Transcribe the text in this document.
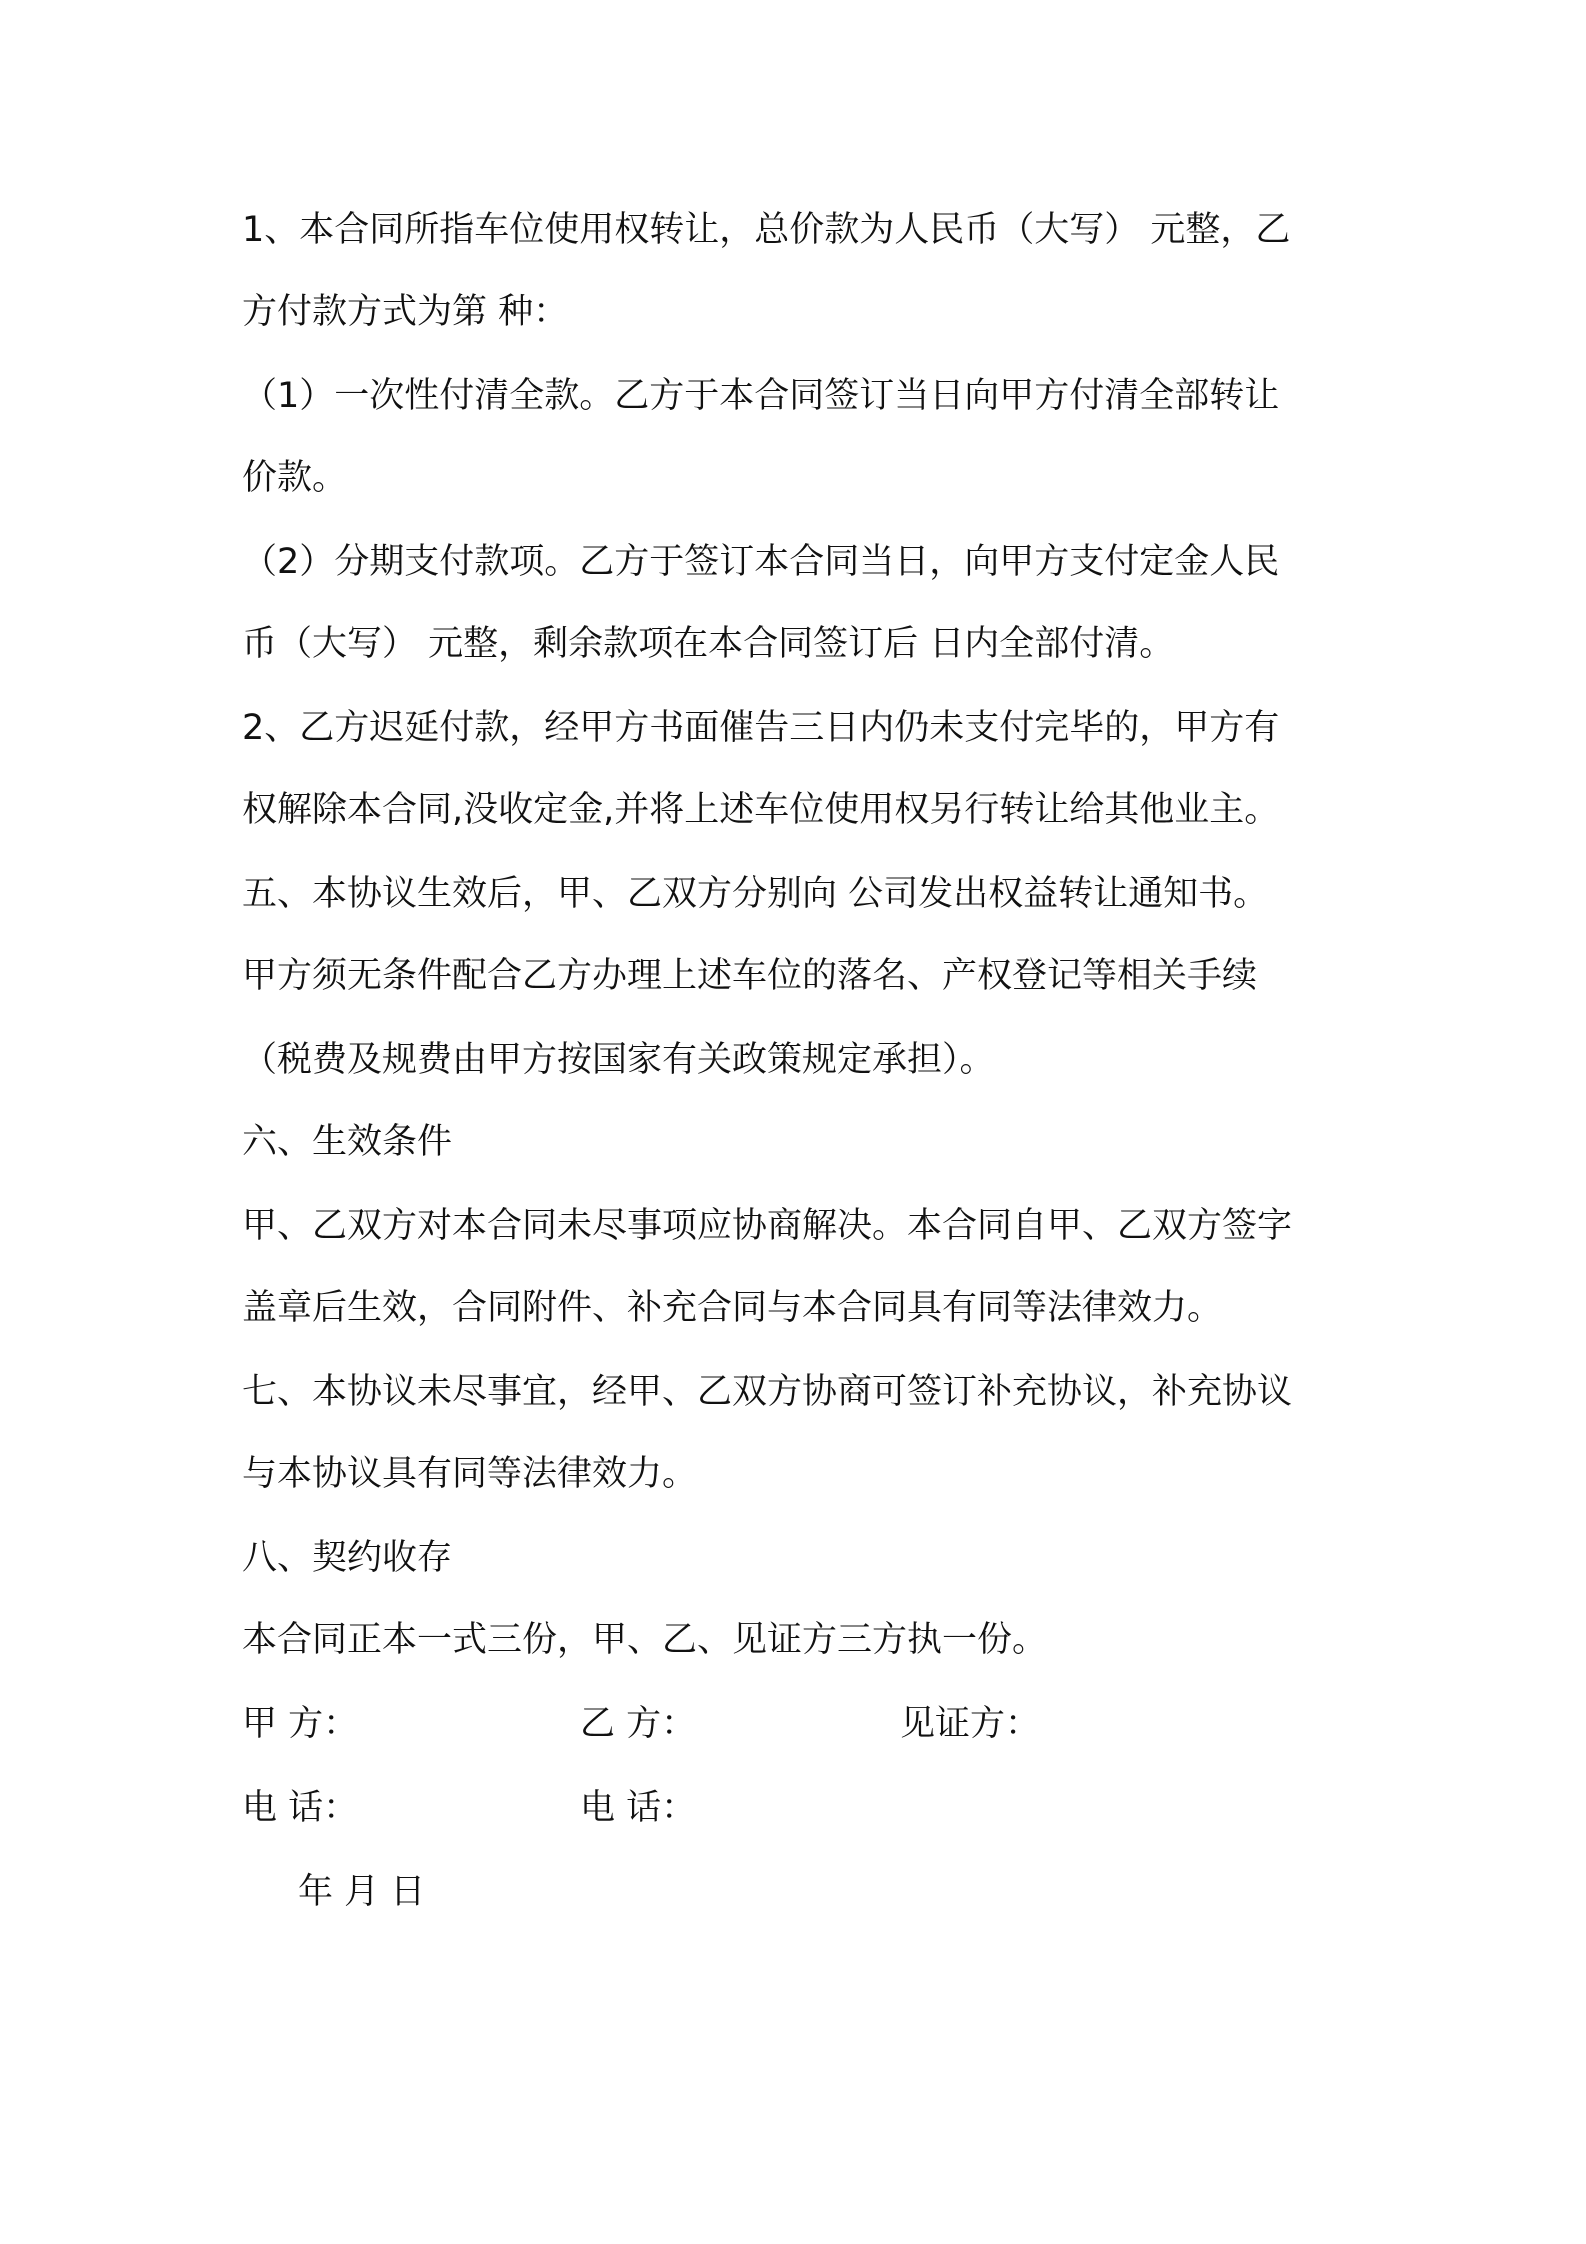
1、本合同所指车位使用权转让，总价款为人民币（大写） 元整，乙
方付款方式为第 种：
（1）一次性付清全款。乙方于本合同签订当日向甲方付清全部转让
价款。
（2）分期支付款项。乙方于签订本合同当日，向甲方支付定金人民
币（大写） 元整，剩余款项在本合同签订后 日内全部付清。
2、乙方迟延付款，经甲方书面催告三日内仍未支付完毕的，甲方有
权解除本合同,没收定金,并将上述车位使用权另行转让给其他业主。
五、本协议生效后，甲、乙双方分别向 公司发出权益转让通知书。
甲方须无条件配合乙方办理上述车位的落名、产权登记等相关手续
（税费及规费由甲方按国家有关政策规定承担）。
六、生效条件
甲、乙双方对本合同未尽事项应协商解决。本合同自甲、乙双方签字
盖章后生效，合同附件、补充合同与本合同具有同等法律效力。
七、本协议未尽事宜，经甲、乙双方协商可签订补充协议，补充协议
与本协议具有同等法律效力。
八、契约收存
本合同正本一式三份，甲、乙、见证方三方执一份。
甲 方：	乙 方：	见证方：
电 话：	电 话：
年 月 日
